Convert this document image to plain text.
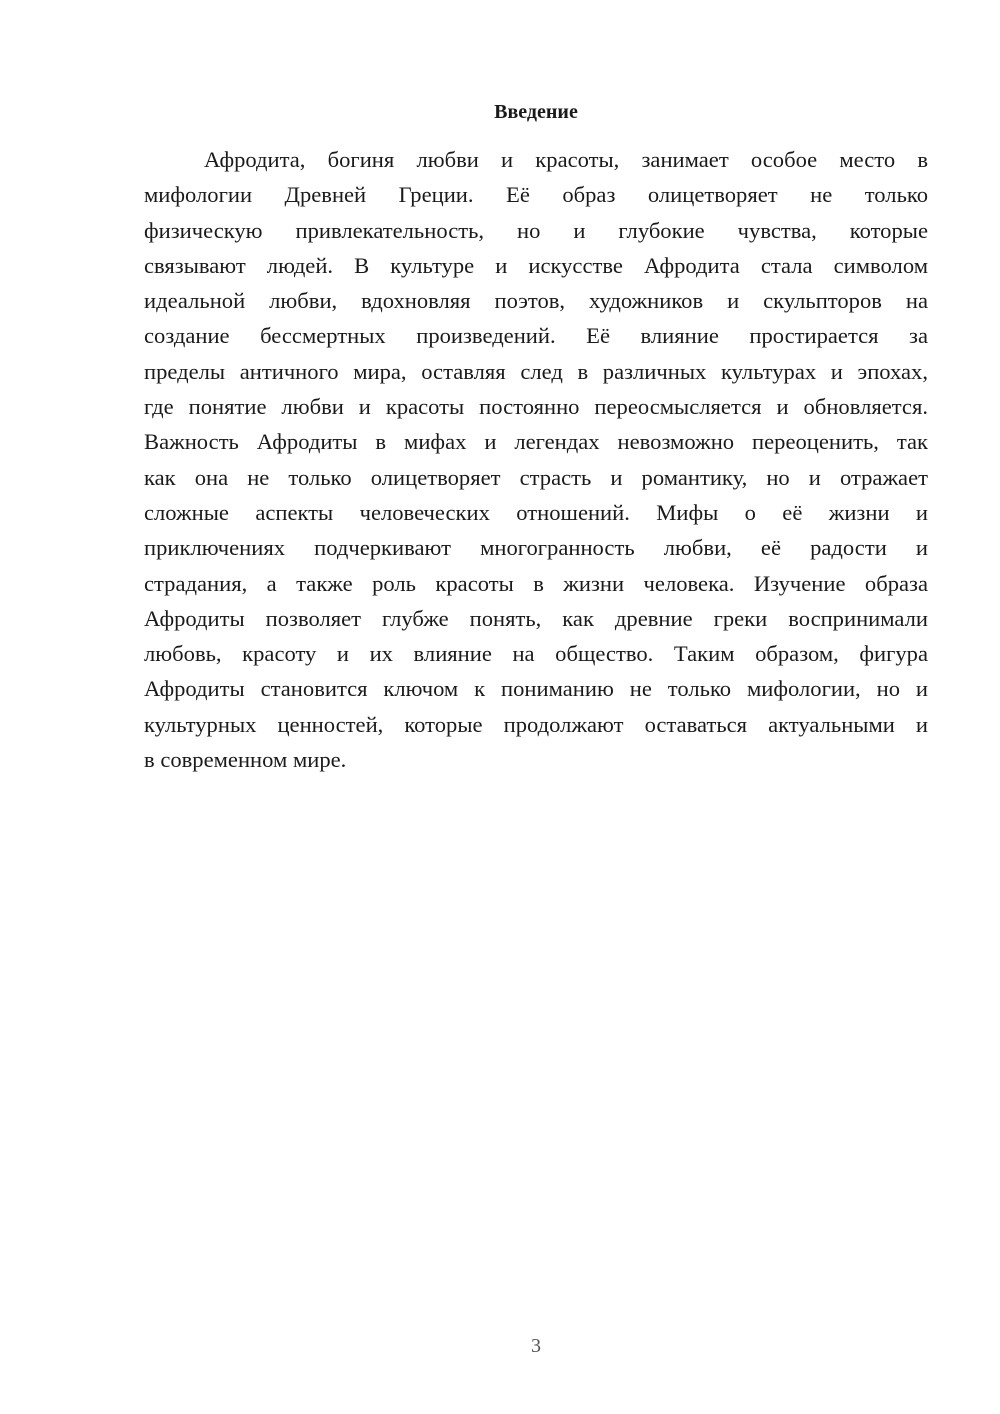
Введение
Афродита, богиня любви и красоты, занимает особое место в
мифологии Древней Греции. Её образ олицетворяет не только
физическую привлекательность, но и глубокие чувства, которые
связывают людей. В культуре и искусстве Афродита стала символом
идеальной любви, вдохновляя поэтов, художников и скульпторов на
создание бессмертных произведений. Её влияние простирается за
пределы античного мира, оставляя след в различных культурах и эпохах,
где понятие любви и красоты постоянно переосмысляется и обновляется.
Важность Афродиты в мифах и легендах невозможно переоценить, так
как она не только олицетворяет страсть и романтику, но и отражает
сложные аспекты человеческих отношений. Мифы о её жизни и
приключениях подчеркивают многогранность любви, её радости и
страдания, а также роль красоты в жизни человека. Изучение образа
Афродиты позволяет глубже понять, как древние греки воспринимали
любовь, красоту и их влияние на общество. Таким образом, фигура
Афродиты становится ключом к пониманию не только мифологии, но и
культурных ценностей, которые продолжают оставаться актуальными и
в современном мире.
3
